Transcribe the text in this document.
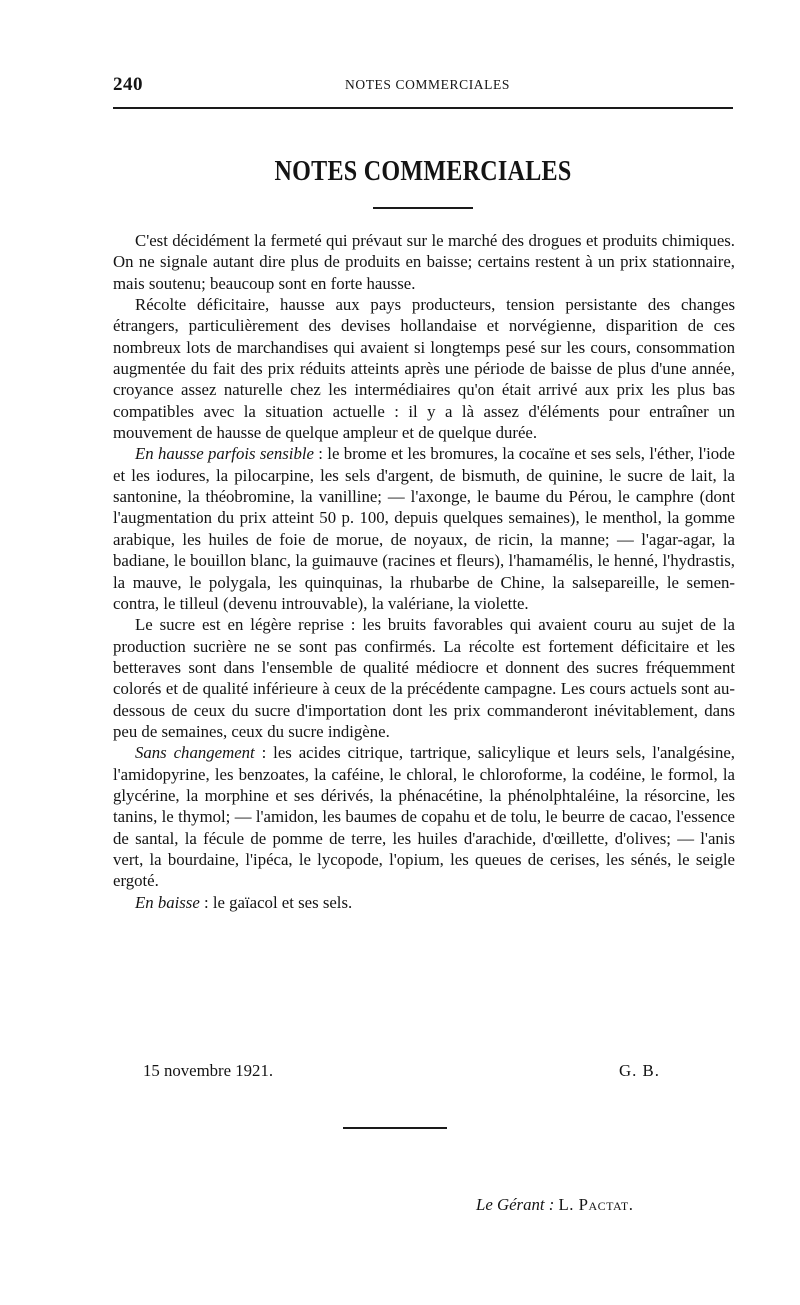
240	NOTES COMMERCIALES
NOTES COMMERCIALES

C'est décidément la fermeté qui prévaut sur le marché des drogues et produits chimiques. On ne signale autant dire plus de produits en baisse; certains restent à un prix stationnaire, mais soutenu; beaucoup sont en forte hausse.

Récolte déficitaire, hausse aux pays producteurs, tension persistante des changes étrangers, particulièrement des devises hollandaise et norvégienne, disparition de ces nombreux lots de marchandises qui avaient si longtemps pesé sur les cours, consommation augmentée du fait des prix réduits atteints après une période de baisse de plus d'une année, croyance assez naturelle chez les intermédiaires qu'on était arrivé aux prix les plus bas compatibles avec la situation actuelle : il y a là assez d'éléments pour entraîner un mouvement de hausse de quelque ampleur et de quelque durée.

En hausse parfois sensible : le brome et les bromures, la cocaïne et ses sels, l'éther, l'iode et les iodures, la pilocarpine, les sels d'argent, de bismuth, de quinine, le sucre de lait, la santonine, la théobromine, la vanilline; — l'axonge, le baume du Pérou, le camphre (dont l'augmentation du prix atteint 50 p. 100, depuis quelques semaines), le menthol, la gomme arabique, les huiles de foie de morue, de noyaux, de ricin, la manne; — l'agar-agar, la badiane, le bouillon blanc, la guimauve (racines et fleurs), l'hamamélis, le henné, l'hydrastis, la mauve, le polygala, les quinquinas, la rhubarbe de Chine, la salsepareille, le semen-contra, le tilleul (devenu introuvable), la valériane, la violette.

Le sucre est en légère reprise : les bruits favorables qui avaient couru au sujet de la production sucrière ne se sont pas confirmés. La récolte est fortement déficitaire et les betteraves sont dans l'ensemble de qualité médiocre et donnent des sucres fréquemment colorés et de qualité inférieure à ceux de la précédente campagne. Les cours actuels sont au-dessous de ceux du sucre d'importation dont les prix commanderont inévitablement, dans peu de semaines, ceux du sucre indigène.

Sans changement : les acides citrique, tartrique, salicylique et leurs sels, l'analgésine, l'amidopyrine, les benzoates, la caféine, le chloral, le chloroforme, la codéine, le formol, la glycérine, la morphine et ses dérivés, la phénacétine, la phénolphtaléine, la résorcine, les tanins, le thymol; — l'amidon, les baumes de copahu et de tolu, le beurre de cacao, l'essence de santal, la fécule de pomme de terre, les huiles d'arachide, d'œillette, d'olives; — l'anis vert, la bourdaine, l'ipéca, le lycopode, l'opium, les queues de cerises, les sénés, le seigle ergoté.

En baisse : le gaïacol et ses sels.

15 novembre 1921.	G. B.
Le Gérant : L. Pactat.
